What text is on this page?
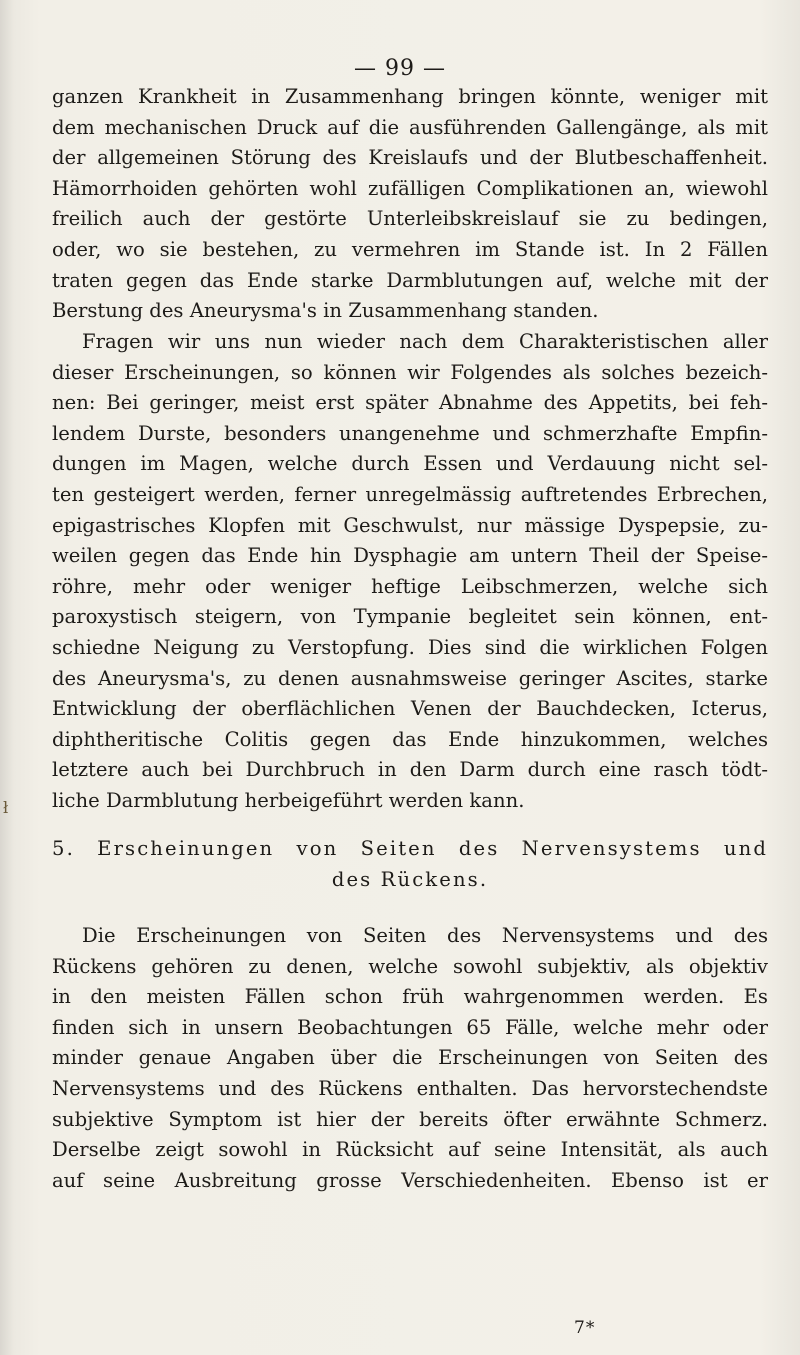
— 99 —

ganzen Krankheit in Zusammenhang bringen könnte, weniger mit
dem mechanischen Druck auf die ausführenden Gallengänge, als mit
der allgemeinen Störung des Kreislaufs und der Blutbeschaffenheit.
Hämorrhoiden gehörten wohl zufälligen Complikationen an, wiewohl
freilich auch der gestörte Unterleibskreislauf sie zu bedingen,
oder, wo sie bestehen, zu vermehren im Stande ist. In 2 Fällen
traten gegen das Ende starke Darmblutungen auf, welche mit der
Berstung des Aneurysma's in Zusammenhang standen.

Fragen wir uns nun wieder nach dem Charakteristischen aller
dieser Erscheinungen, so können wir Folgendes als solches bezeich-
nen: Bei geringer, meist erst später Abnahme des Appetits, bei feh-
lendem Durste, besonders unangenehme und schmerzhafte Empfin-
dungen im Magen, welche durch Essen und Verdauung nicht sel-
ten gesteigert werden, ferner unregelmässig auftretendes Erbrechen,
epigastrisches Klopfen mit Geschwulst, nur mässige Dyspepsie, zu-
weilen gegen das Ende hin Dysphagie am untern Theil der Speise-
röhre, mehr oder weniger heftige Leibschmerzen, welche sich
paroxystisch steigern, von Tympanie begleitet sein können, ent-
schiedne Neigung zu Verstopfung. Dies sind die wirklichen Folgen
des Aneurysma's, zu denen ausnahmsweise geringer Ascites, starke
Entwicklung der oberflächlichen Venen der Bauchdecken, Icterus,
diphtheritische Colitis gegen das Ende hinzukommen, welches
letztere auch bei Durchbruch in den Darm durch eine rasch tödt-
liche Darmblutung herbeigeführt werden kann.

ł
5. Erscheinungen von Seiten des Nervensystems und
des Rückens.

Die Erscheinungen von Seiten des Nervensystems und des
Rückens gehören zu denen, welche sowohl subjektiv, als objektiv
in den meisten Fällen schon früh wahrgenommen werden. Es
finden sich in unsern Beobachtungen 65 Fälle, welche mehr oder
minder genaue Angaben über die Erscheinungen von Seiten des
Nervensystems und des Rückens enthalten. Das hervorstechendste
subjektive Symptom ist hier der bereits öfter erwähnte Schmerz.
Derselbe zeigt sowohl in Rücksicht auf seine Intensität, als auch
auf seine Ausbreitung grosse Verschiedenheiten. Ebenso ist er

7*
